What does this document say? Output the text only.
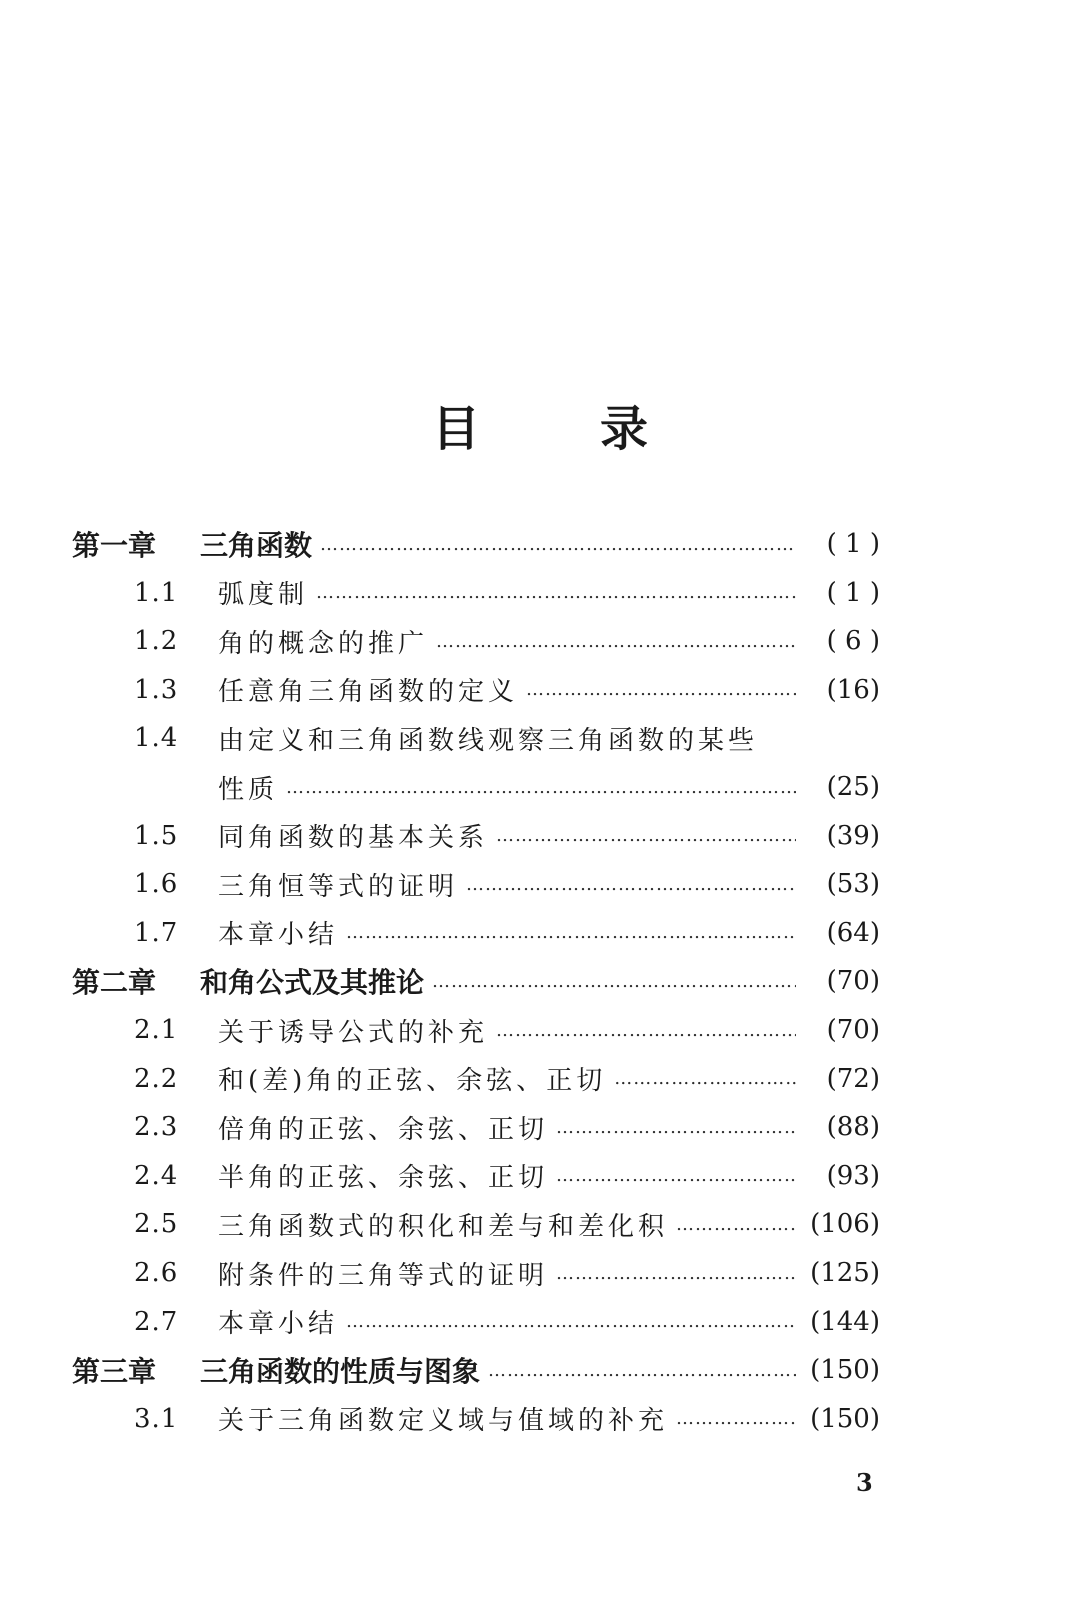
目	录
第一章	三角函数 …………………………………………………………………………………………………………	( 1 )
1.1	弧度制 …………………………………………………………………………………………………………	( 1 )
1.2	角的概念的推广 …………………………………………………………………………………………………………	( 6 )
1.3	任意角三角函数的定义 …………………………………………………………………………………………………………	(16)
1.4	由定义和三角函数线观察三角函数的某些
性质 …………………………………………………………………………………………………………	(25)
1.5	同角函数的基本关系 …………………………………………………………………………………………………………	(39)
1.6	三角恒等式的证明 …………………………………………………………………………………………………………	(53)
1.7	本章小结 …………………………………………………………………………………………………………	(64)
第二章	和角公式及其推论 …………………………………………………………………………………………………………	(70)
2.1	关于诱导公式的补充 …………………………………………………………………………………………………………	(70)
2.2	和(差)角的正弦、余弦、正切 …………………………………………………………………………………………………………	(72)
2.3	倍角的正弦、余弦、正切 …………………………………………………………………………………………………………	(88)
2.4	半角的正弦、余弦、正切 …………………………………………………………………………………………………………	(93)
2.5	三角函数式的积化和差与和差化积 …………………………………………………………………………………………………………	(106)
2.6	附条件的三角等式的证明 …………………………………………………………………………………………………………	(125)
2.7	本章小结 …………………………………………………………………………………………………………	(144)
第三章	三角函数的性质与图象 …………………………………………………………………………………………………………	(150)
3.1	关于三角函数定义域与值域的补充 …………………………………………………………………………………………………………	(150)
3
